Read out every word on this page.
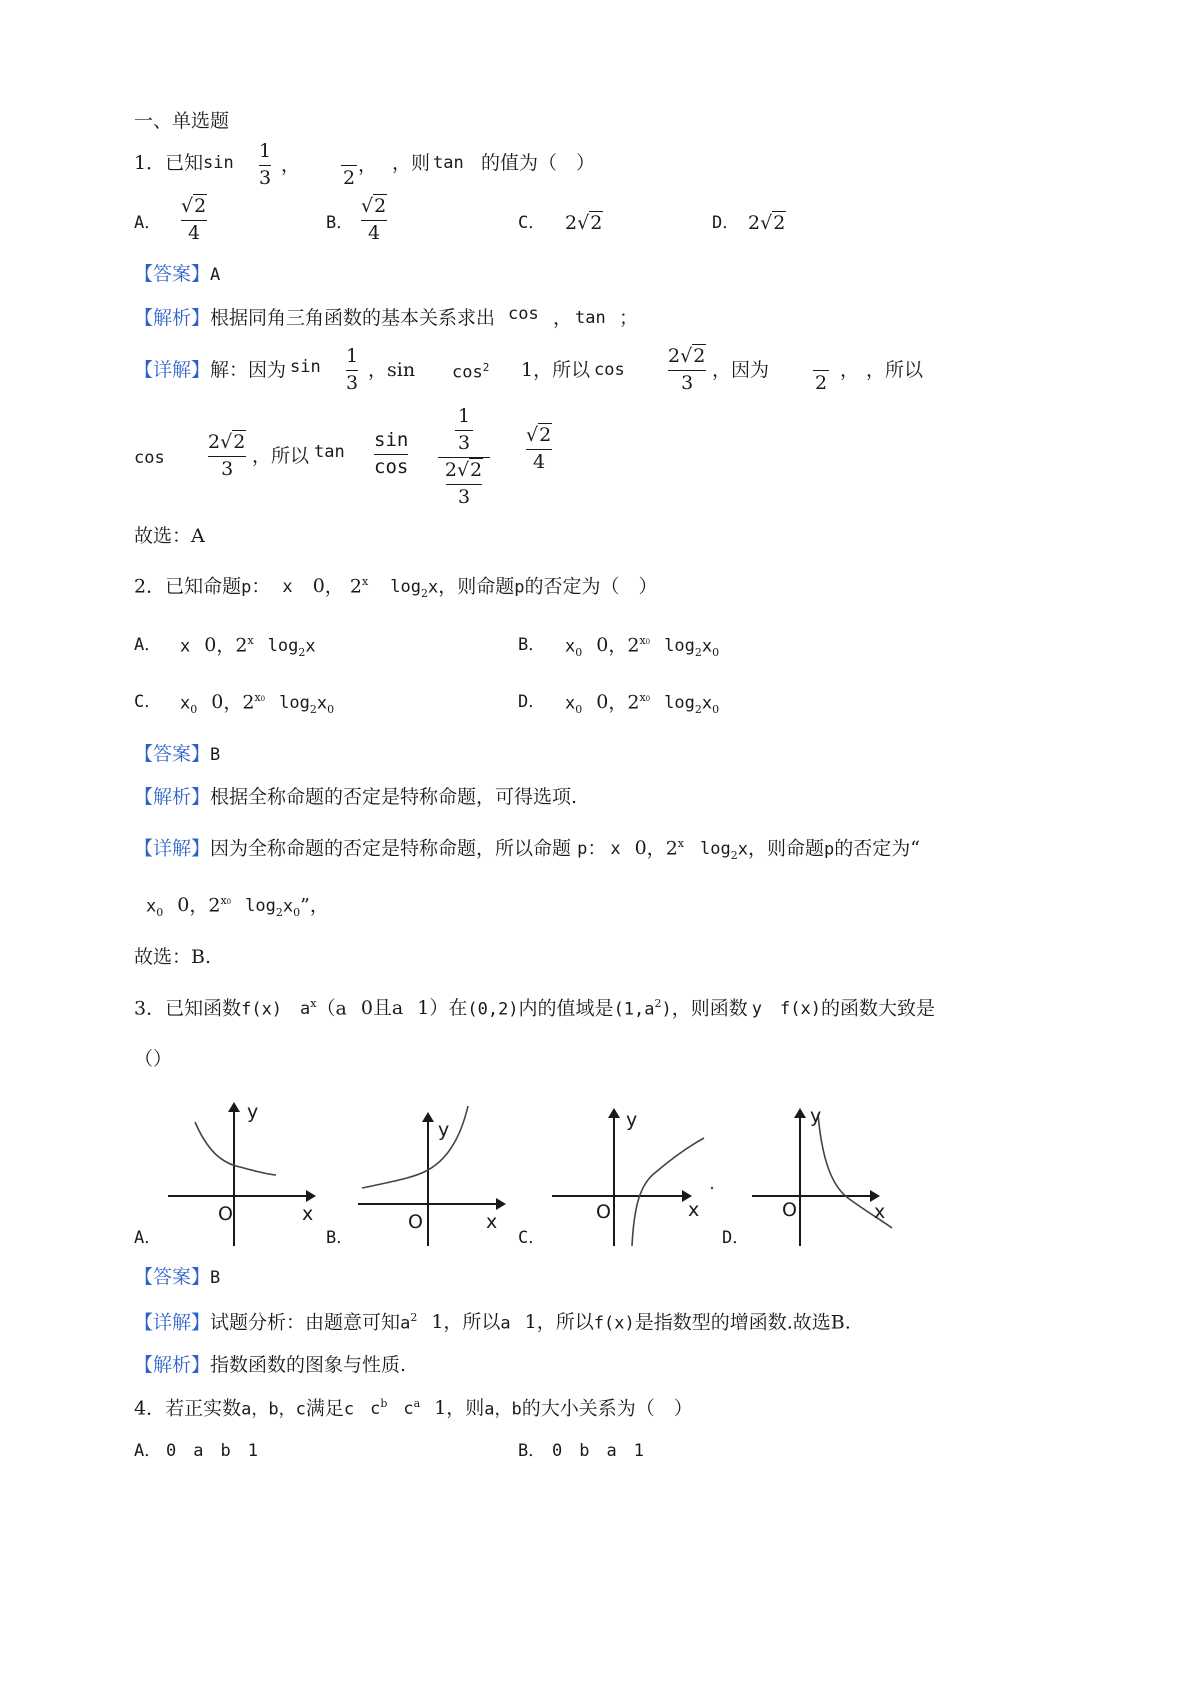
一、单选题
1．已知 sin
1
3
，

2
， ，则 tan 的值为（　）
A．
√2
4	B．
√2
4	C． 2√2	D． 2√2
【答案】A
【解析】根据同角三角函数的基本关系求出 cos ， tan ；
【详解】解：因为 sin 1
3
，$\sin \cos^2 1$，所以 cos
2√2
3
，因为

2
， ，所以
cos
2√2
3
，所以 tan
sin
cos
1
3
2√2
3
√2
4
故选：A
2．已知命题p： x 0， 2$^x$ $\log_2x$，则命题p的否定为（　）
A． x 0，2$^x$ $\log_2x$	B． $x_0$ 0，$2^{x0}$ $\log_2x_0$
C． $x_0$ 0，$2^{x0}$ $\log_2x_0$	D． $x_0$ 0，$2^{x0}$ $\log_2x_0$
【答案】B
【解析】根据全称命题的否定是特称命题，可得选项.
【详解】因为全称命题的否定是特称命题，所以命题 p： x 0，2$^x$ $\log_2x$，则命题p的否定为“
$x_0$ 0，$2^{x0}$ $\log_2x_0$”，
故选：B.
3．已知函数f(x) $a^x(a$ 0且a 1）在(0,2)内的值域是$(1,a^2)$，则函数 y f(x)的函数大致是
（）
y
x
O
A．
y
x
O
B．
y
x
O
C．
y
x
O
D．
【答案】B
【详解】试题分析：由题意可知$a^2$ 1，所以a 1，所以f(x)是指数型的增函数.故选B.
【解析】指数函数的图象与性质.
4．若正实数a，b，c满足c $c^b$ $c^a$ 1，则a，b的大小关系为（　）
A． 0　a　b　1	B． 0　b　a　1
